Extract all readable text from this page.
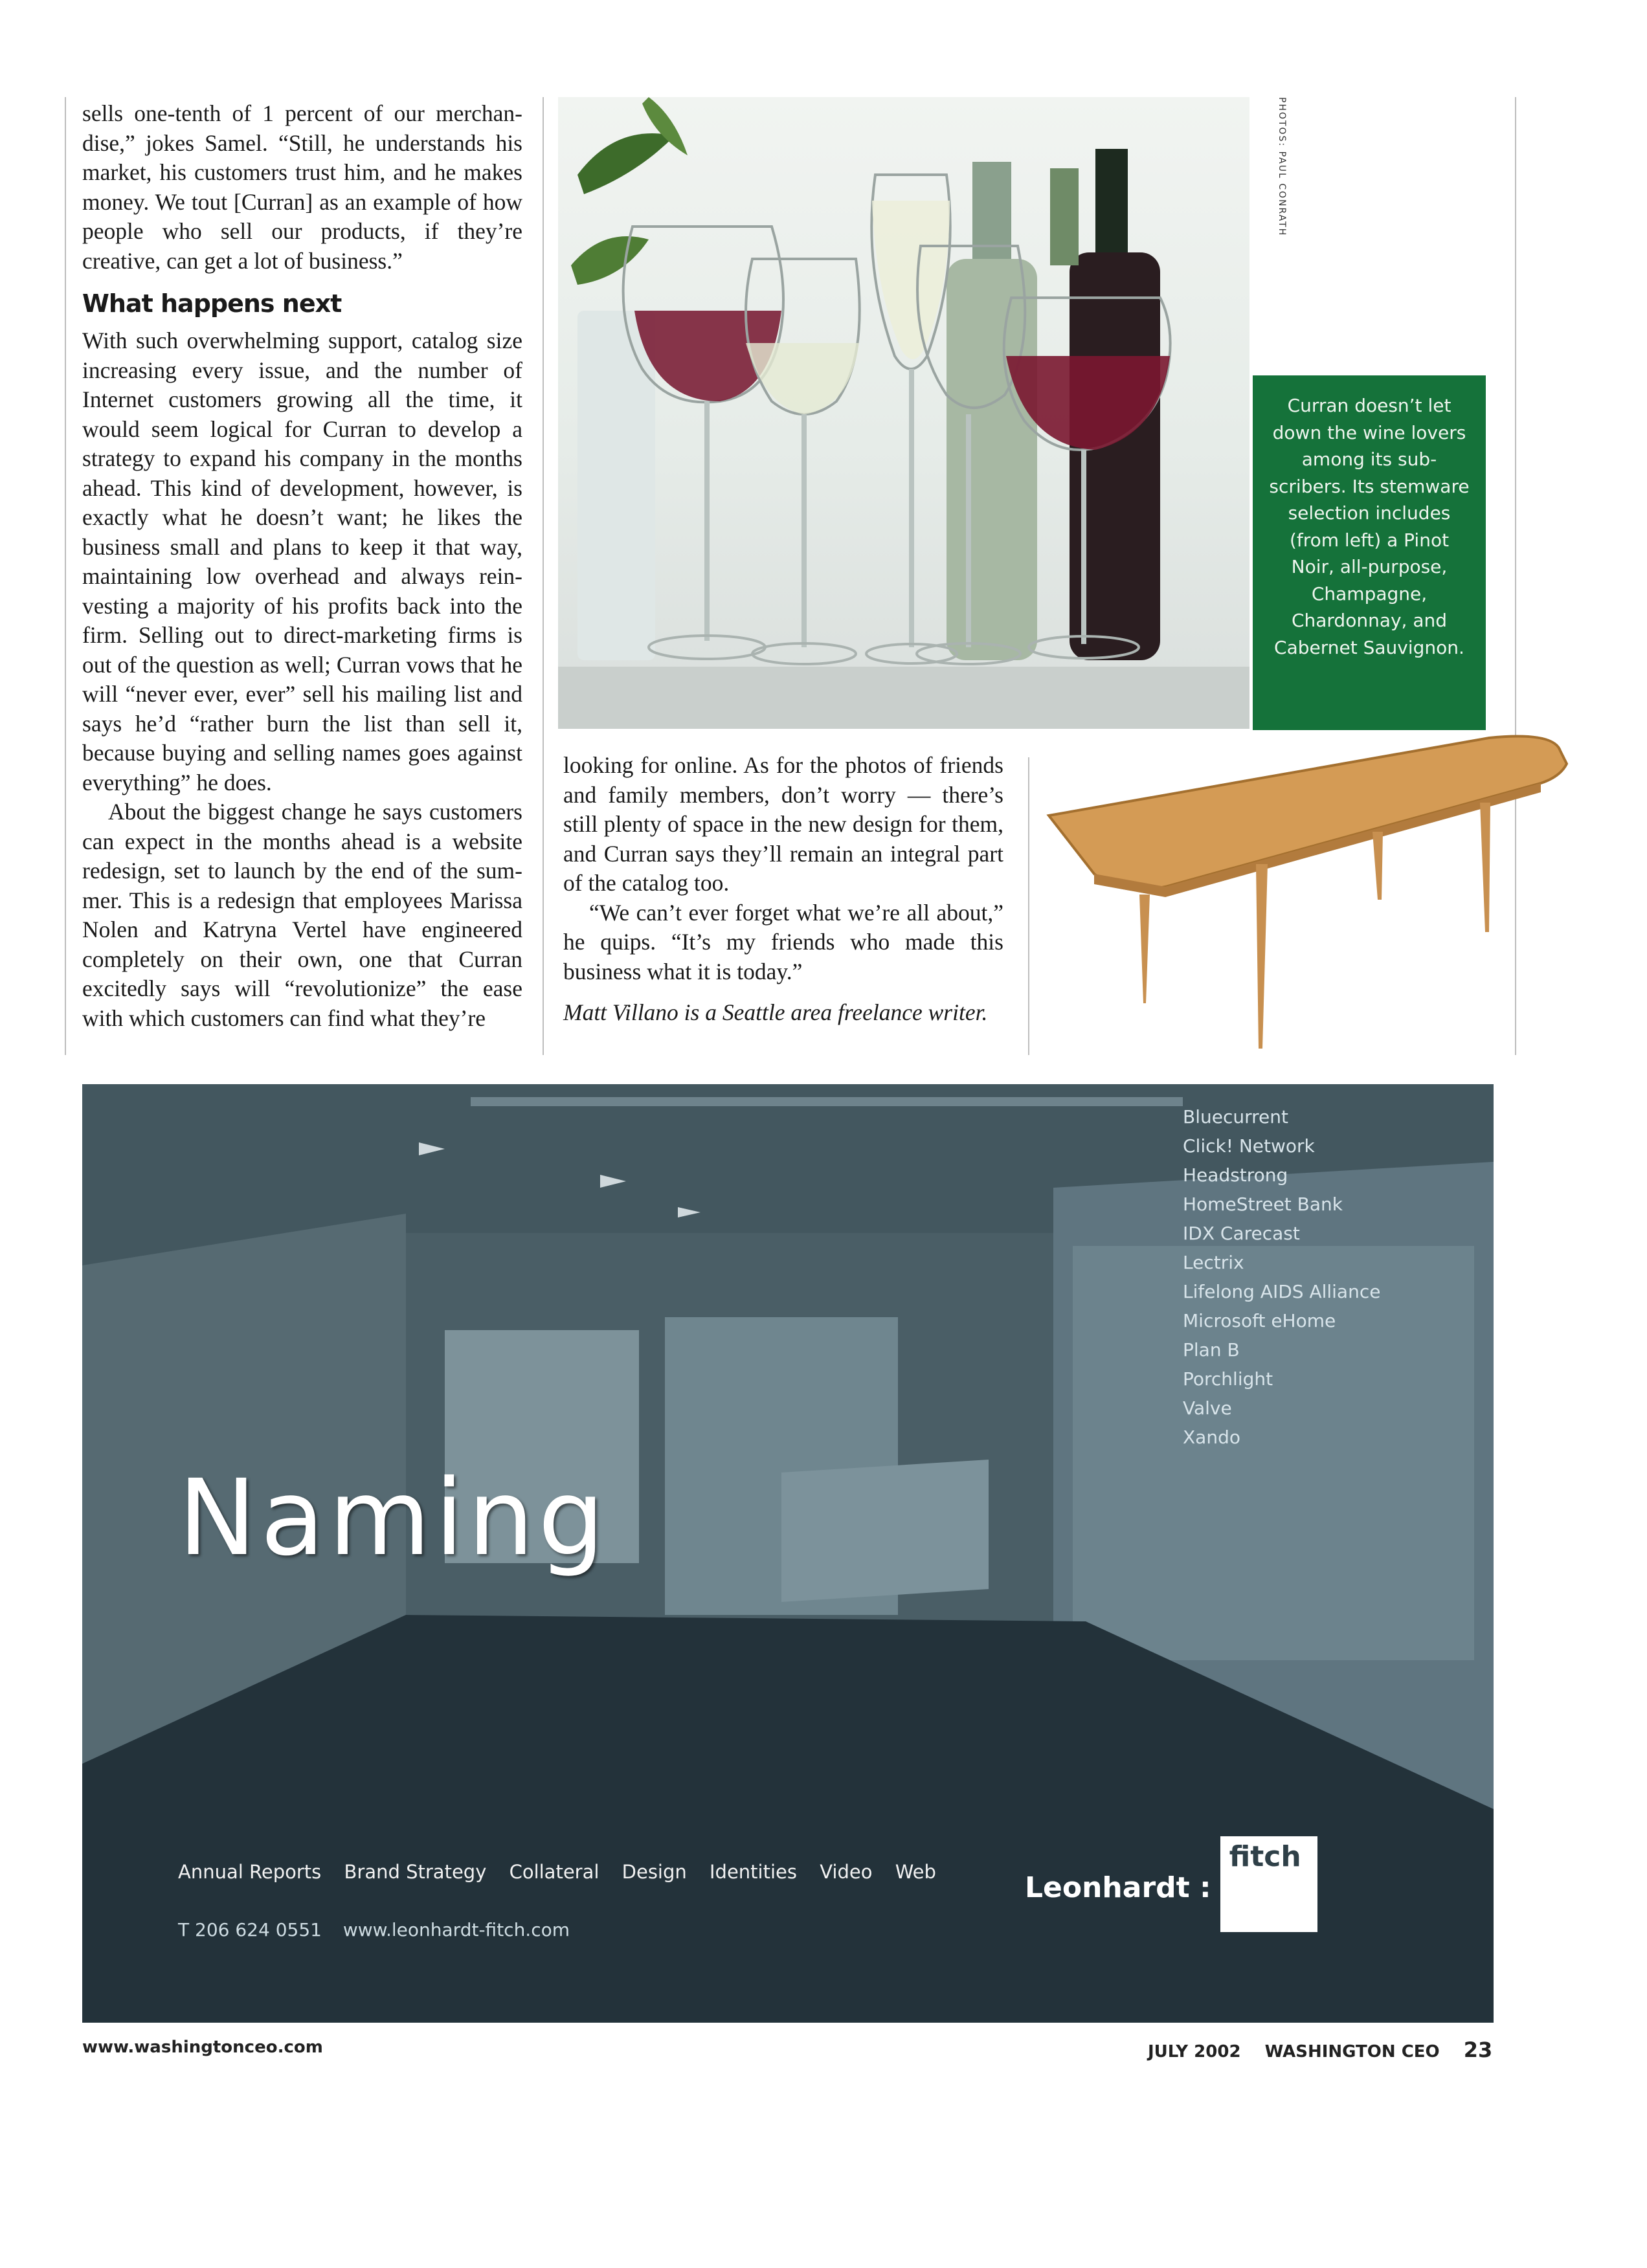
sells one-tenth of 1 percent of our merchandise,” jokes Samel. “Still, he understands his market, his customers trust him, and he makes money. We tout [Curran] as an example of how people who sell our products, if they’re creative, can get a lot of business.”

What happens next

With such overwhelming support, catalog size increasing every issue, and the number of Internet customers growing all the time, it would seem logical for Curran to develop a strategy to expand his company in the months ahead. This kind of development, however, is exactly what he doesn’t want; he likes the business small and plans to keep it that way, maintaining low overhead and always reinvesting a majority of his profits back into the firm. Selling out to direct-marketing firms is out of the question as well; Curran vows that he will “never ever, ever” sell his mailing list and says he’d “rather burn the list than sell it, because buying and selling names goes against everything” he does.

About the biggest change he says customers can expect in the months ahead is a website redesign, set to launch by the end of the summer. This is a redesign that employees Marissa Nolen and Katryna Vertel have engineered completely on their own, one that Curran excitedly says will “revolutionize” the ease with which customers can find what they’re

PHOTOS: PAUL CONRATH
Curran doesn’t let down the wine lovers among its subscribers. Its stemware selection includes (from left) a Pinot Noir, all-purpose, Champagne, Chardonnay, and Cabernet Sauvignon.

looking for online. As for the photos of friends and family members, don’t worry — there’s still plenty of space in the new design for them, and Curran says they’ll remain an integral part of the catalog too.

“We can’t ever forget what we’re all about,” he quips. “It’s my friends who made this business what it is today.”

Matt Villano is a Seattle area freelance writer.

Naming
Bluecurrent
Click! Network
Headstrong
HomeStreet Bank
IDX Carecast
Lectrix
Lifelong AIDS Alliance
Microsoft eHome
Plan B
Porchlight
Valve
Xando
Annual Reports Brand Strategy Collateral Design Identities Video Web
T 206 624 0551 www.leonhardt-fitch.com
Leonhardt :
fitch
www.washingtonceo.com	JULY 2002 WASHINGTON CEO 23
